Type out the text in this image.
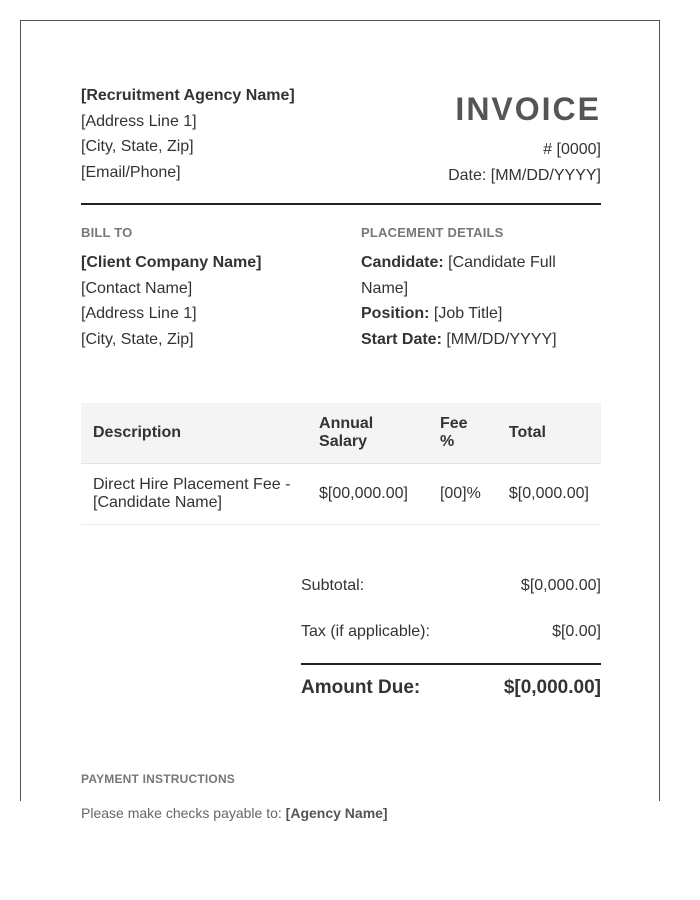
[Recruitment Agency Name]
[Address Line 1]
[City, State, Zip]
[Email/Phone]
INVOICE
# [0000]
Date: [MM/DD/YYYY]
BILL TO
[Client Company Name]
[Contact Name]
[Address Line 1]
[City, State, Zip]
PLACEMENT DETAILS
Candidate: [Candidate Full Name]
Position: [Job Title]
Start Date: [MM/DD/YYYY]
Description	Annual Salary	Fee %	Total
Direct Hire Placement Fee - [Candidate Name]	$[00,000.00]	[00]%	$[0,000.00]
Subtotal:	$[0,000.00]
Tax (if applicable):	$[0.00]
Amount Due:	$[0,000.00]
PAYMENT INSTRUCTIONS
Please make checks payable to: [Agency Name]
